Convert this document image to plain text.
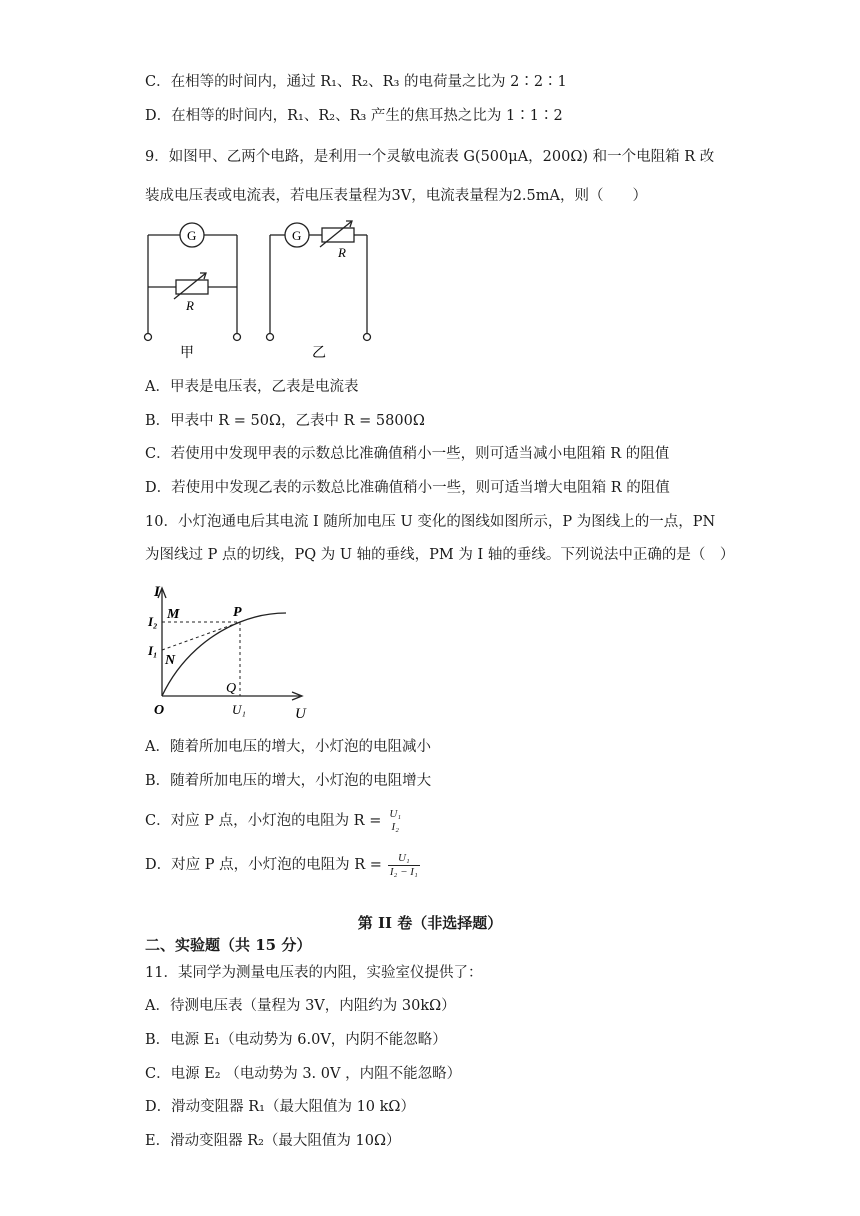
C．在相等的时间内，通过 R₁、R₂、R₃ 的电荷量之比为 2∶2∶1
D．在相等的时间内，R₁、R₂、R₃ 产生的焦耳热之比为 1∶1∶2
9．如图甲、乙两个电路，是利用一个灵敏电流表 G(500μA，200Ω) 和一个电阻箱 R 改
装成电压表或电流表，若电压表量程为3V，电流表量程为2.5mA，则（　　）
G
R
甲
G
R
乙
A．甲表是电压表，乙表是电流表
B．甲表中 R = 50Ω，乙表中 R = 5800Ω
C．若使用中发现甲表的示数总比准确值稍小一些，则可适当减小电阻箱 R 的阻值
D．若使用中发现乙表的示数总比准确值稍小一些，则可适当增大电阻箱 R 的阻值
10．小灯泡通电后其电流 I 随所加电压 U 变化的图线如图所示，P 为图线上的一点，PN
为图线过 P 点的切线，PQ 为 U 轴的垂线，PM 为 I 轴的垂线。下列说法中正确的是（　）
I
U
O
I₂
I₁
M
N
P
Q
U₁
A．随着所加电压的增大，小灯泡的电阻减小
B．随着所加电压的增大，小灯泡的电阻增大
C．对应 P 点，小灯泡的电阻为 R = U₁
I₂
D．对应 P 点，小灯泡的电阻为 $R = \frac{\text{U₁}}{\text{I₂ − I₁}}$
第 II 卷（非选择题）
二、实验题（共 15 分）
11．某同学为测量电压表的内阻，实验室仪提供了：
A．待测电压表（量程为 3V，内阻约为 30kΩ）
B．电源 E₁（电动势为 6.0V，内阴不能忽略）
C．电源 E₂ （电动势为 3. 0V ，内阻不能忽略）
D．滑动变阻器 R₁（最大阻值为 10 kΩ）
E．滑动变阻器 R₂（最大阻值为 10Ω）
